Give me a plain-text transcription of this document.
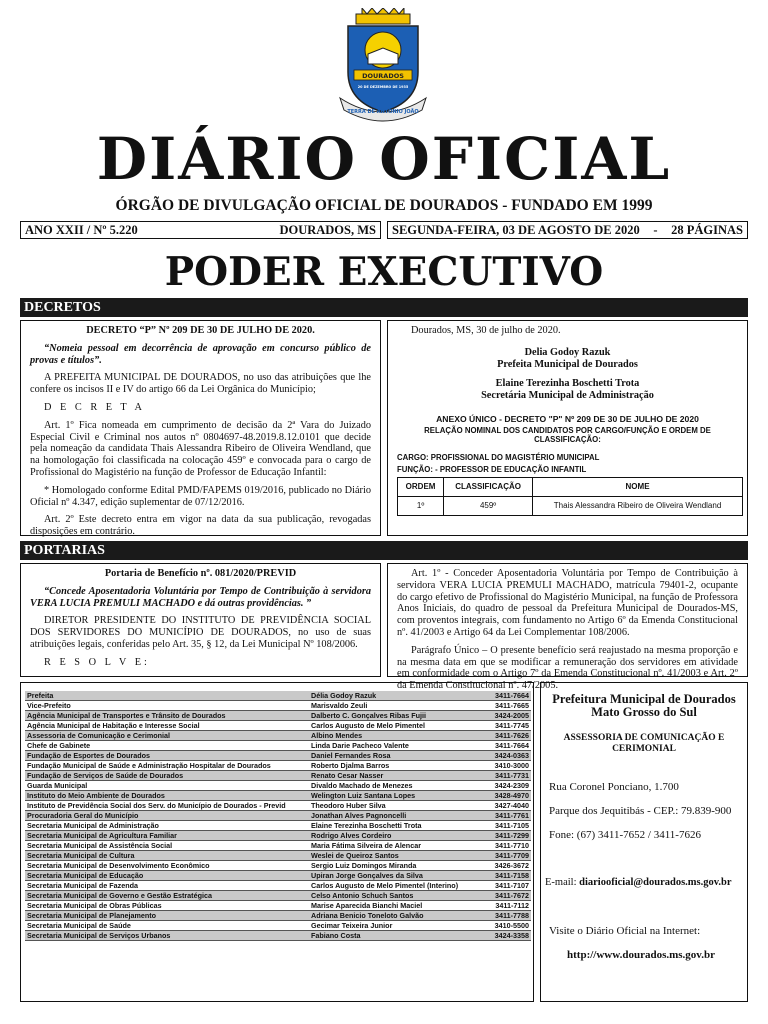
DOURADOS
20 DE DEZEMBRO DE 1935
TERRA DE ANTONIO JOÃO
DIÁRIO OFICIAL
ÓRGÃO DE DIVULGAÇÃO OFICIAL DE DOURADOS - FUNDADO EM 1999
ANO XXII / Nº 5.220	DOURADOS, MS SEGUNDA-FEIRA, 03 DE AGOSTO DE 2020 - 28 PÁGINAS
PODER EXECUTIVO
DECRETOS

DECRETO “P” Nº 209 DE 30 DE JULHO DE 2020.

“Nomeia pessoal em decorrência de aprovação em concurso público de provas e títulos”.

A PREFEITA MUNICIPAL DE DOURADOS, no uso das atribuições que lhe confere os incisos II e IV do artigo 66 da Lei Orgânica do Município;

D E C R E T A

Art. 1º Fica nomeada em cumprimento de decisão da 2ª Vara do Juizado Especial Civil e Criminal nos autos nº 0804697-48.2019.8.12.0101 que decide pela nomeação da candidata Thais Alessandra Ribeiro de Oliveira Wendland, que na homologação foi classificada na colocação 459º e convocada para o cargo de Profissional do Magistério na função de Professor de Educação Infantil:

* Homologado conforme Edital PMD/FAPEMS 019/2016, publicado no Diário Oficial nº 4.347, edição suplementar de 07/12/2016.

Art. 2º Este decreto entra em vigor na data da sua publicação, revogadas disposições em contrário.

Dourados, MS, 30 de julho de 2020.

Delia Godoy Razuk

Prefeita Municipal de Dourados

Elaine Terezinha Boschetti Trota

Secretária Municipal de Administração

ANEXO ÚNICO - DECRETO "P" Nº 209 DE 30 DE JULHO DE 2020

RELAÇÃO NOMINAL DOS CANDIDATOS POR CARGO/FUNÇÃO E ORDEM DE CLASSIFICAÇÃO:

CARGO: PROFISSIONAL DO MAGISTÉRIO MUNICIPAL

FUNÇÃO: - PROFESSOR DE EDUCAÇÃO INFANTIL

ORDEM	CLASSIFICAÇÃO	NOME
1º	459º	Thais Alessandra Ribeiro de Oliveira Wendland
PORTARIAS

Portaria de Benefício nº. 081/2020/PREVID

“Concede Aposentadoria Voluntária por Tempo de Contribuição à servidora VERA LUCIA PREMULI MACHADO e dá outras providências. ”

DIRETOR PRESIDENTE DO INSTITUTO DE PREVIDÊNCIA SOCIAL DOS SERVIDORES DO MUNICÍPIO DE DOURADOS, no uso de suas atribuições legais, conferidas pelo Art. 35, § 12, da Lei Municipal Nº 108/2006.

R E S O L V E:

Art. 1º - Conceder Aposentadoria Voluntária por Tempo de Contribuição à servidora VERA LUCIA PREMULI MACHADO, matrícula 79401-2, ocupante do cargo efetivo de Profissional do Magistério Municipal, na função de Professora Anos Iniciais, do quadro de pessoal da Prefeitura Municipal de Dourados-MS, com proventos integrais, com fundamento no Artigo 6º da Emenda Constitucional nº. 41/2003 e Artigo 64 da Lei Complementar 108/2006.

Parágrafo Único – O presente benefício será reajustado na mesma proporção e na mesma data em que se modificar a remuneração dos servidores em atividade em conformidade com o Artigo 7º da Emenda Constitucional nº. 41/2003 e Art. 2º da Emenda Constitucional nº. 47/2005.

Prefeita	Délia Godoy Razuk	3411-7664
Vice-Prefeito	Marisvaldo Zeuli	3411-7665
Agência Municipal de Transportes e Trânsito de Dourados	Dalberto C. Gonçalves Ribas Fujii	3424-2005
Agência Municipal de Habitação e Interesse Social	Carlos Augusto de Melo Pimentel	3411-7745
Assessoria de Comunicação e Cerimonial	Albino Mendes	3411-7626
Chefe de Gabinete	Linda Darie Pacheco Valente	3411-7664
Fundação de Esportes de Dourados	Daniel Fernandes Rosa	3424-0363
Fundação Municipal de Saúde e Administração Hospitalar de Dourados	Roberto Djalma Barros	3410-3000
Fundação de Serviços de Saúde de Dourados	Renato Cesar Nasser	3411-7731
Guarda Municipal	Divaldo Machado de Menezes	3424-2309
Instituto do Meio Ambiente de Dourados	Welington Luiz Santana Lopes	3428-4970
Instituto de Previdência Social dos Serv. do Município de Dourados - Previd	Theodoro Huber Silva	3427-4040
Procuradoria Geral do Município	Jonathan Alves Pagnoncelli	3411-7761
Secretaria Municipal de Administração	Elaine Terezinha Boschetti Trota	3411-7105
Secretaria Municipal de Agricultura Familiar	Rodrigo Alves Cordeiro	3411-7299
Secretaria Municipal de Assistência Social	Maria Fátima Silveira de Alencar	3411-7710
Secretaria Municipal de Cultura	Weslei de Queiroz Santos	3411-7709
Secretaria Municipal de Desenvolvimento Econômico	Sergio Luiz Domingos Miranda	3426-3672
Secretaria Municipal de Educação	Upiran Jorge Gonçalves da Silva	3411-7158
Secretaria Municipal de Fazenda	Carlos Augusto de Melo Pimentel (Interino)	3411-7107
Secretaria Municipal de Governo e Gestão Estratégica	Celso Antonio Schuch Santos	3411-7672
Secretaria Municipal de Obras Públicas	Marise Aparecida Bianchi Maciel	3411-7112
Secretaria Municipal de Planejamento	Adriana Benicio Toneloto Galvão	3411-7788
Secretaria Municipal de Saúde	Gecimar Teixeira Junior	3410-5500
Secretaria Municipal de Serviços Urbanos	Fabiano Costa	3424-3358
Prefeitura Municipal de Dourados Mato Grosso do Sul
ASSESSORIA DE COMUNICAÇÃO E CERIMONIAL
Rua Coronel Ponciano, 1.700
Parque dos Jequitibás - CEP.: 79.839-900
Fone: (67) 3411-7652 / 3411-7626
E-mail: diariooficial@dourados.ms.gov.br
Visite o Diário Oficial na Internet:
http://www.dourados.ms.gov.br
